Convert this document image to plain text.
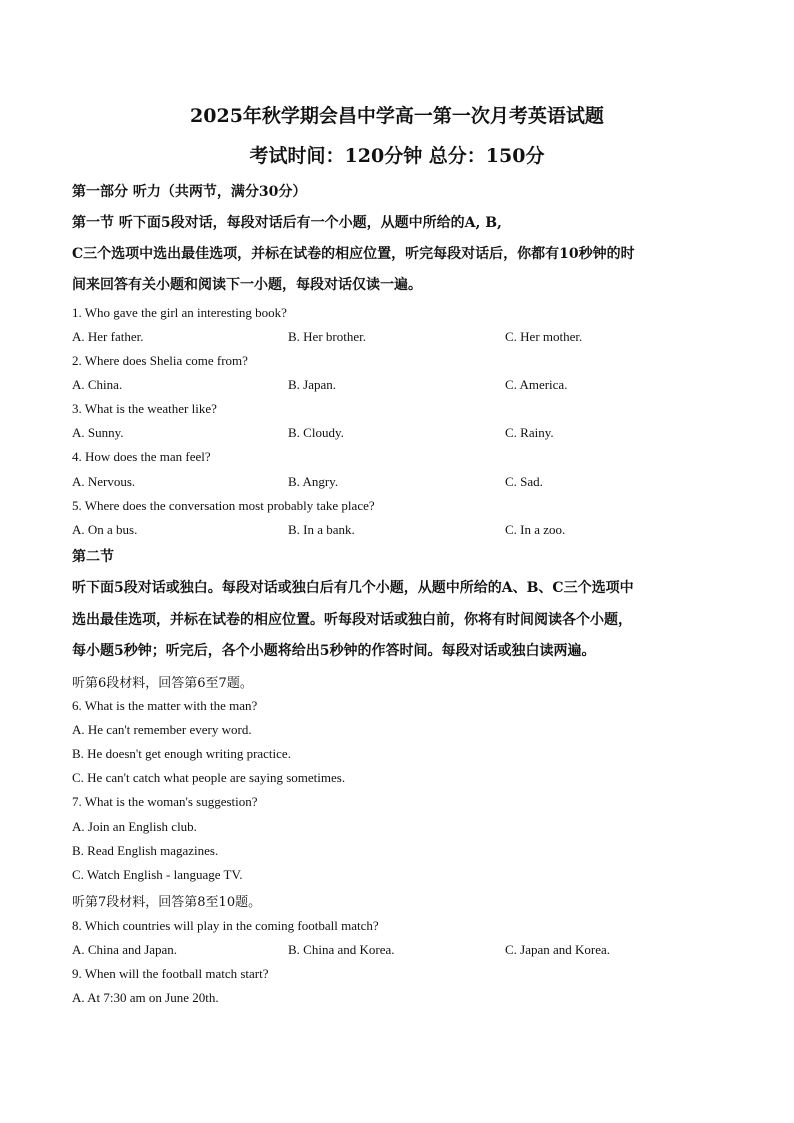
2025年秋学期会昌中学高一第一次月考英语试题
考试时间：120分钟 总分：150分
第一部分 听力（共两节，满分30分）
第一节 听下面5段对话，每段对话后有一个小题，从题中所给的A, B,
C三个选项中选出最佳选项，并标在试卷的相应位置，听完每段对话后，你都有10秒钟的时
间来回答有关小题和阅读下一小题，每段对话仅读一遍。
1. Who gave the girl an interesting book?
A. Her father.	B. Her brother.	C. Her mother.
2. Where does Shelia come from?
A. China.	B. Japan.	C. America.
3. What is the weather like?
A. Sunny.	B. Cloudy.	C. Rainy.
4. How does the man feel?
A. Nervous.	B. Angry.	C. Sad.
5. Where does the conversation most probably take place?
A. On a bus.	B. In a bank.	C. In a zoo.
第二节
听下面5段对话或独白。每段对话或独白后有几个小题，从题中所给的A、B、C三个选项中
选出最佳选项，并标在试卷的相应位置。听每段对话或独白前，你将有时间阅读各个小题，
每小题5秒钟；听完后，各个小题将给出5秒钟的作答时间。每段对话或独白读两遍。
听第6段材料，回答第6至7题。
6. What is the matter with the man?
A. He can't remember every word.
B. He doesn't get enough writing practice.
C. He can't catch what people are saying sometimes.
7. What is the woman's suggestion?
A. Join an English club.
B. Read English magazines.
C. Watch English - language TV.
听第7段材料，回答第8至10题。
8. Which countries will play in the coming football match?
A. China and Japan.	B. China and Korea.	C. Japan and Korea.
9. When will the football match start?
A. At 7:30 am on June 20th.
